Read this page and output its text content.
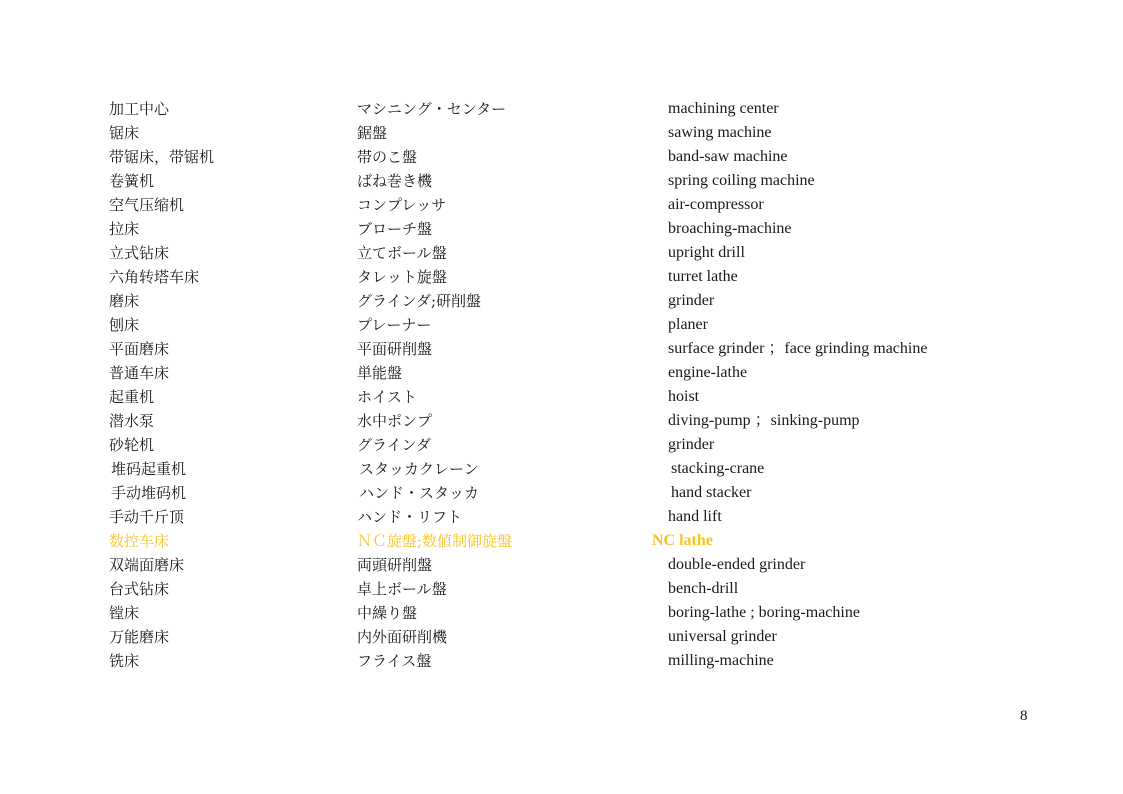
加工中心	マシニング・センター	machining center
锯床	鋸盤	sawing machine
带锯床，带锯机	帯のこ盤	band-saw machine
卷簧机	ばね巻き機	spring coiling machine
空气压缩机	コンプレッサ	air-compressor
拉床	ブローチ盤	broaching-machine
立式钻床	立てボール盤	upright drill
六角转塔车床	タレット旋盤	turret lathe
磨床	グラインダ;研削盤	grinder
刨床	プレーナー	planer
平面磨床	平面研削盤	surface grinder ；face grinding machine
普通车床	単能盤	engine-lathe
起重机	ホイスト	hoist
潜水泵	水中ポンプ	diving-pump ；sinking-pump
砂轮机	グラインダ	grinder
堆码起重机	スタッカクレーン	stacking-crane
手动堆码机	ハンド・スタッカ	hand stacker
手动千斤顶	ハンド・リフト	hand lift
数控车床	ＮＣ旋盤;数値制御旋盤	NC lathe
双端面磨床	両頭研削盤	double-ended grinder
台式钻床	卓上ボール盤	bench-drill
镗床	中繰り盤	boring-lathe ; boring-machine
万能磨床	内外面研削機	universal grinder
铣床	フライス盤	milling-machine
8
